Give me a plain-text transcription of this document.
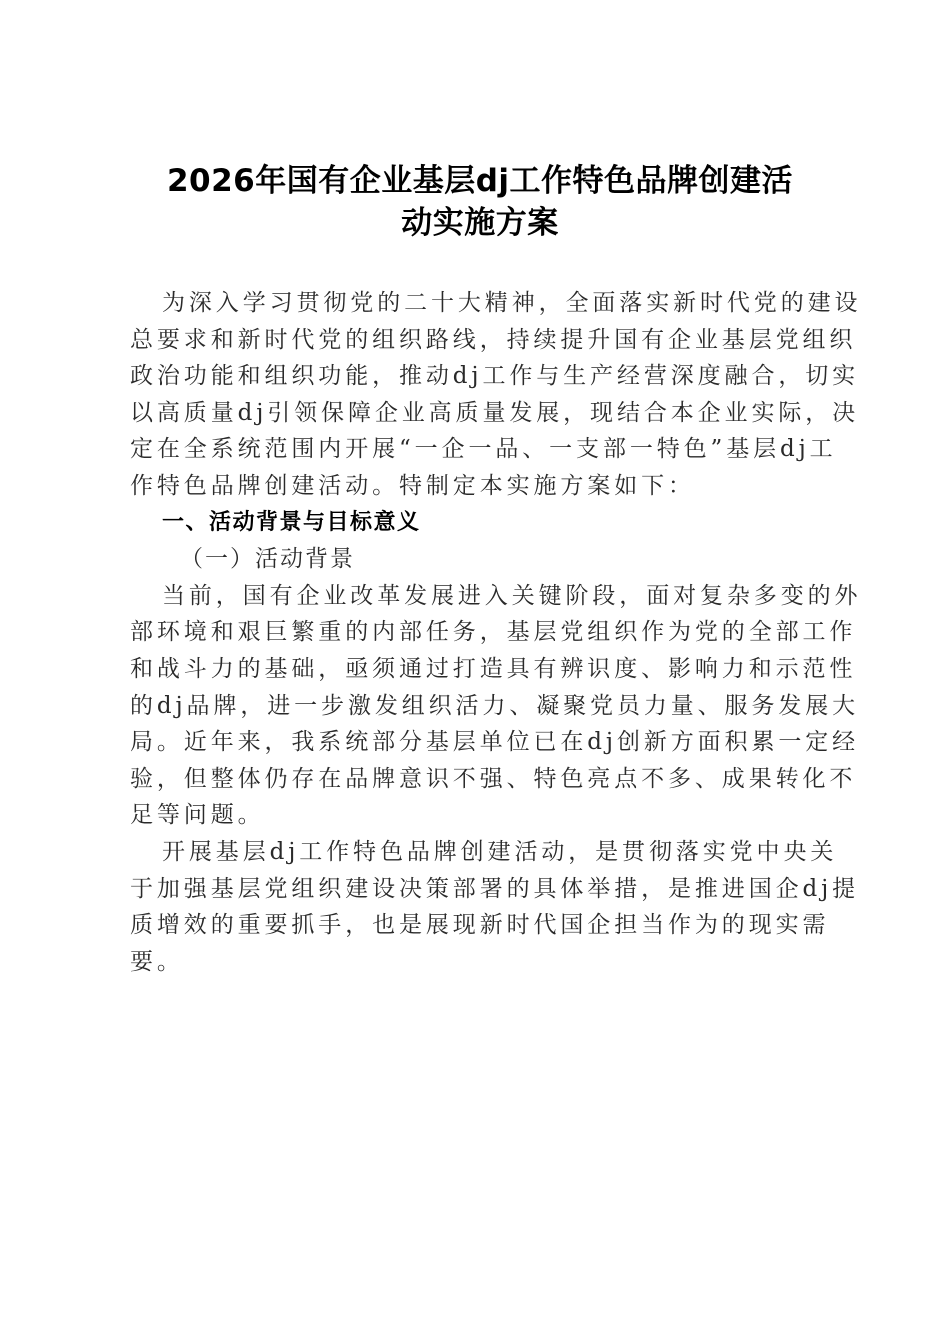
2026年国有企业基层dj工作特色品牌创建活
动实施方案
为深入学习贯彻党的二十大精神，全面落实新时代党的建设
总要求和新时代党的组织路线，持续提升国有企业基层党组织
政治功能和组织功能，推动dj工作与生产经营深度融合，切实
以高质量dj引领保障企业高质量发展，现结合本企业实际，决
定在全系统范围内开展“一企一品、一支部一特色”基层dj工
作特色品牌创建活动。特制定本实施方案如下：
一、活动背景与目标意义
（一）活动背景
当前，国有企业改革发展进入关键阶段，面对复杂多变的外
部环境和艰巨繁重的内部任务，基层党组织作为党的全部工作
和战斗力的基础，亟须通过打造具有辨识度、影响力和示范性
的dj品牌，进一步激发组织活力、凝聚党员力量、服务发展大
局。近年来，我系统部分基层单位已在dj创新方面积累一定经
验，但整体仍存在品牌意识不强、特色亮点不多、成果转化不
足等问题。
开展基层dj工作特色品牌创建活动，是贯彻落实党中央关
于加强基层党组织建设决策部署的具体举措，是推进国企dj提
质增效的重要抓手，也是展现新时代国企担当作为的现实需
要。
